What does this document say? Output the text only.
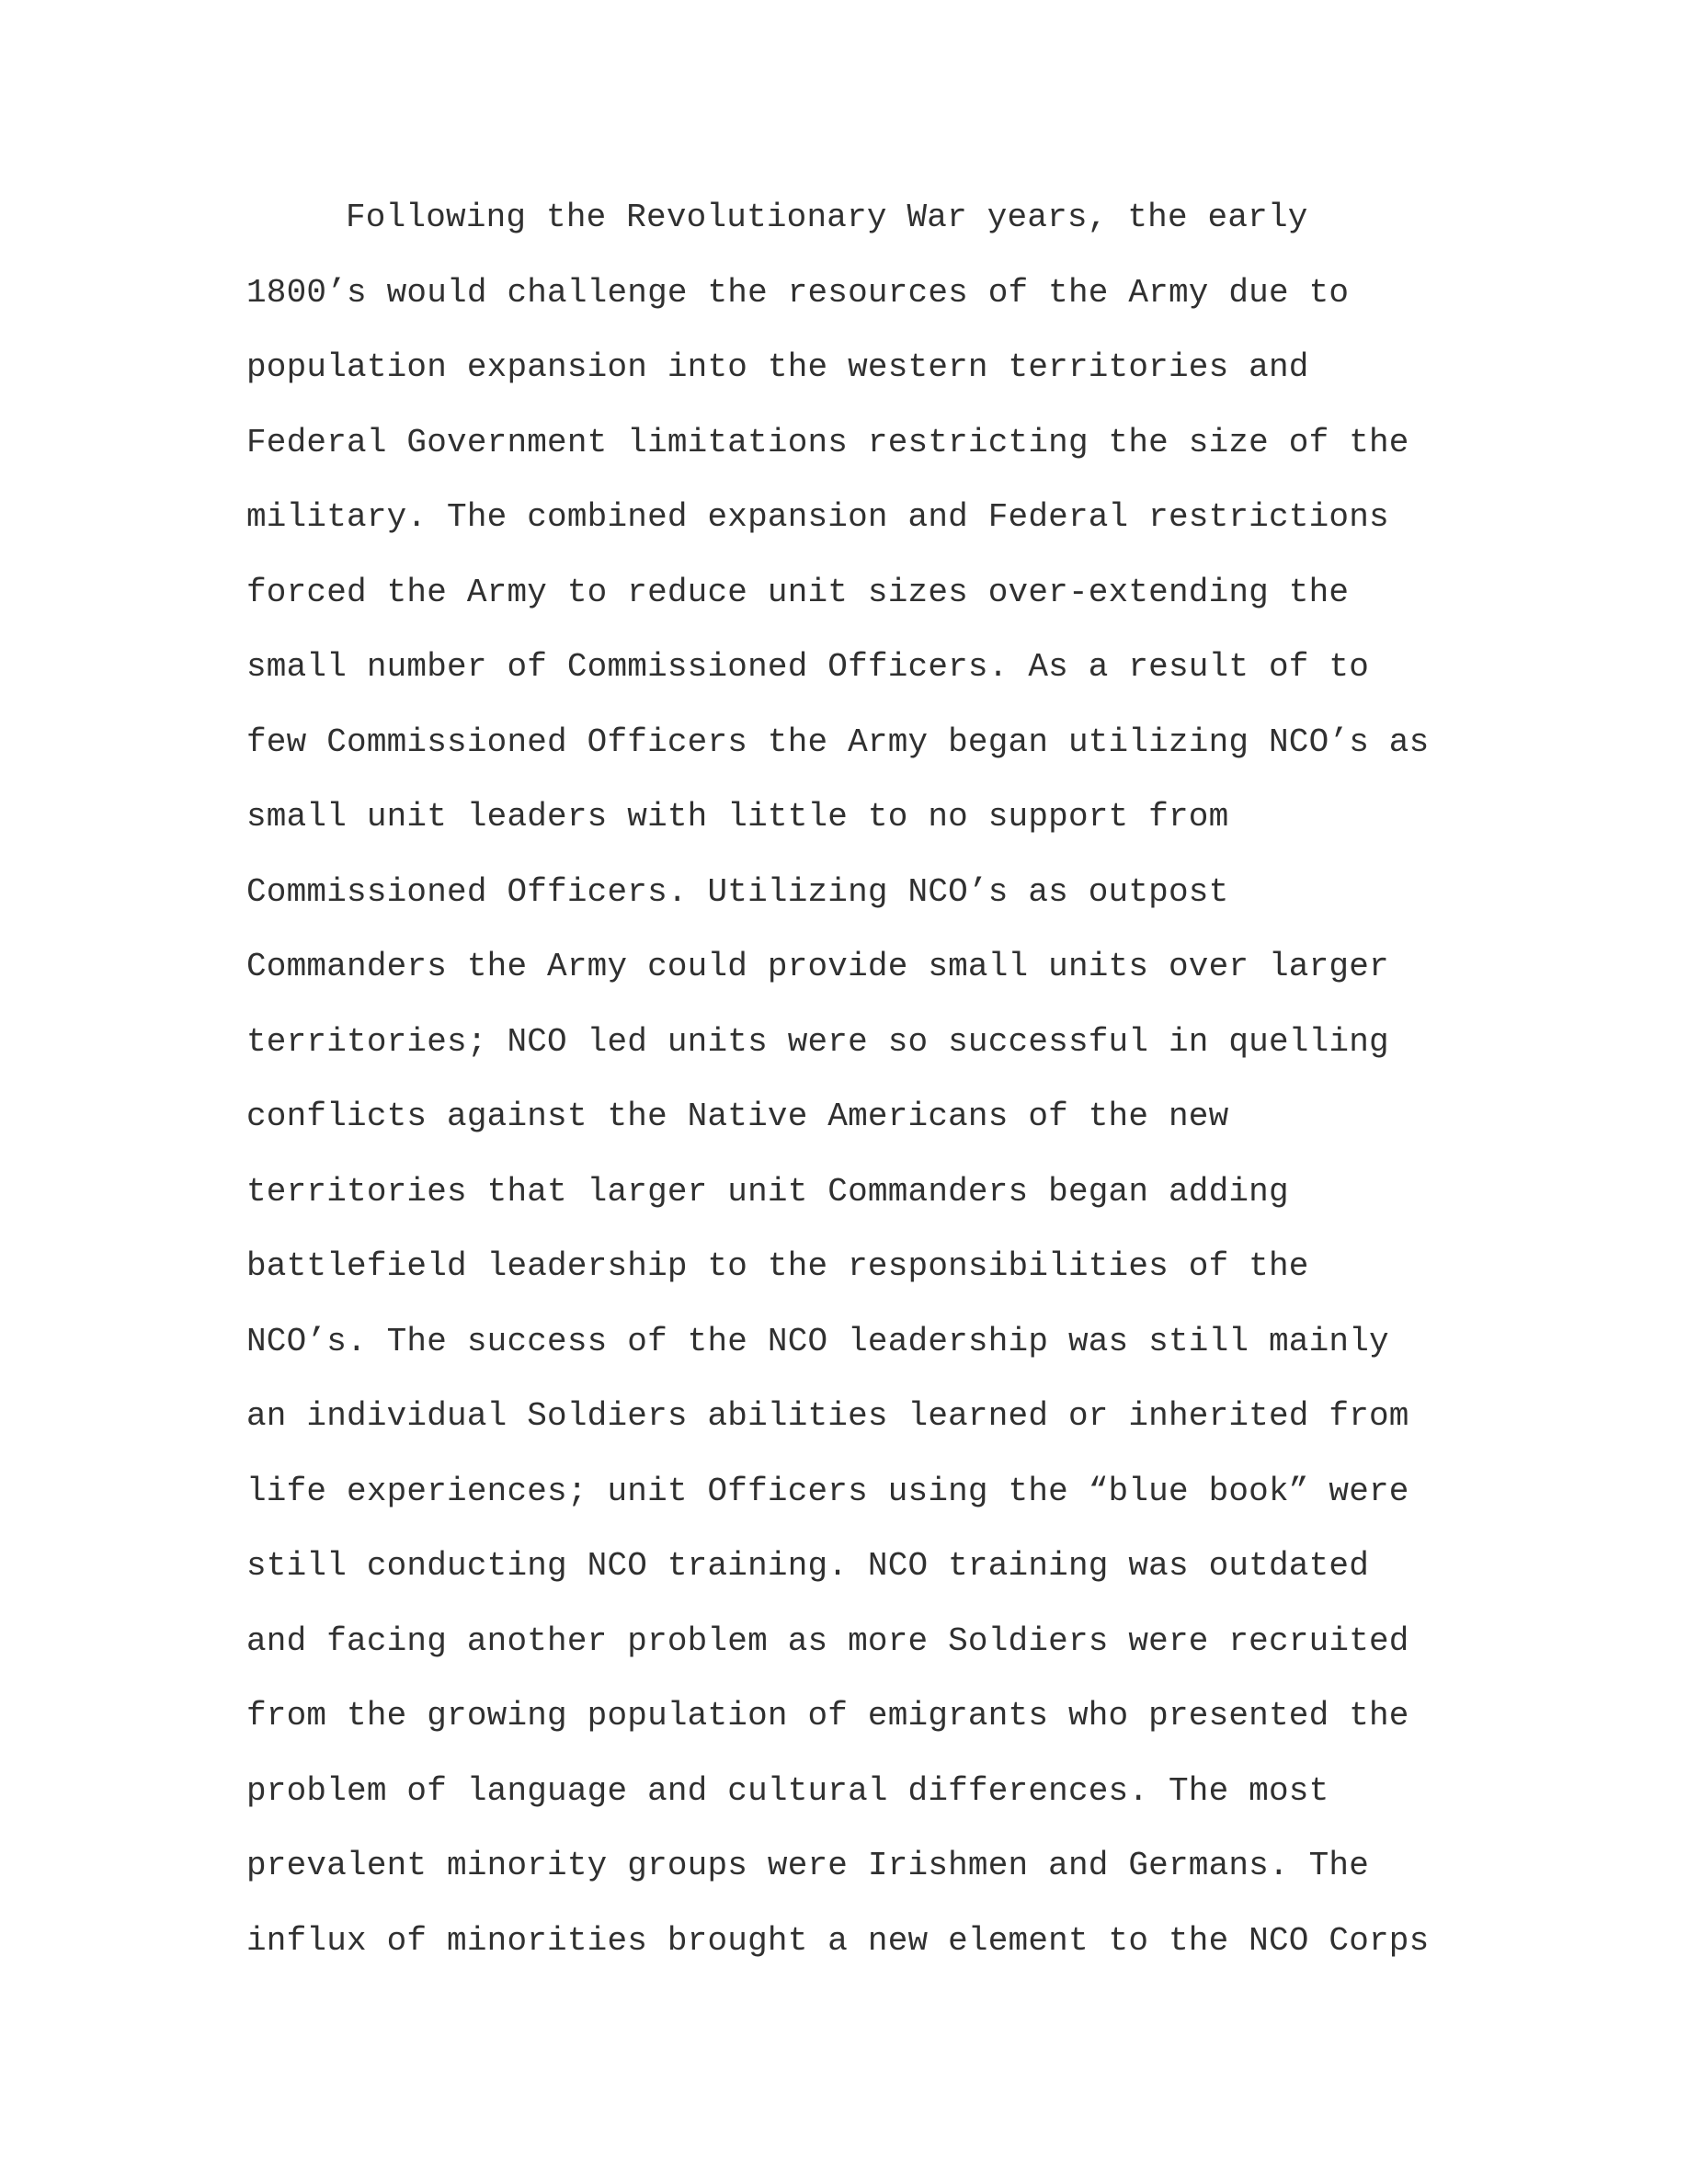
Following the Revolutionary War years, the early
1800’s would challenge the resources of the Army due to
population expansion into the western territories and
Federal Government limitations restricting the size of the
military. The combined expansion and Federal restrictions
forced the Army to reduce unit sizes over-extending the
small number of Commissioned Officers. As a result of to
few Commissioned Officers the Army began utilizing NCO’s as
small unit leaders with little to no support from
Commissioned Officers. Utilizing NCO’s as outpost
Commanders the Army could provide small units over larger
territories; NCO led units were so successful in quelling
conflicts against the Native Americans of the new
territories that larger unit Commanders began adding
battlefield leadership to the responsibilities of the
NCO’s. The success of the NCO leadership was still mainly
an individual Soldiers abilities learned or inherited from
life experiences; unit Officers using the “blue book” were
still conducting NCO training. NCO training was outdated
and facing another problem as more Soldiers were recruited
from the growing population of emigrants who presented the
problem of language and cultural differences. The most
prevalent minority groups were Irishmen and Germans. The
influx of minorities brought a new element to the NCO Corps
